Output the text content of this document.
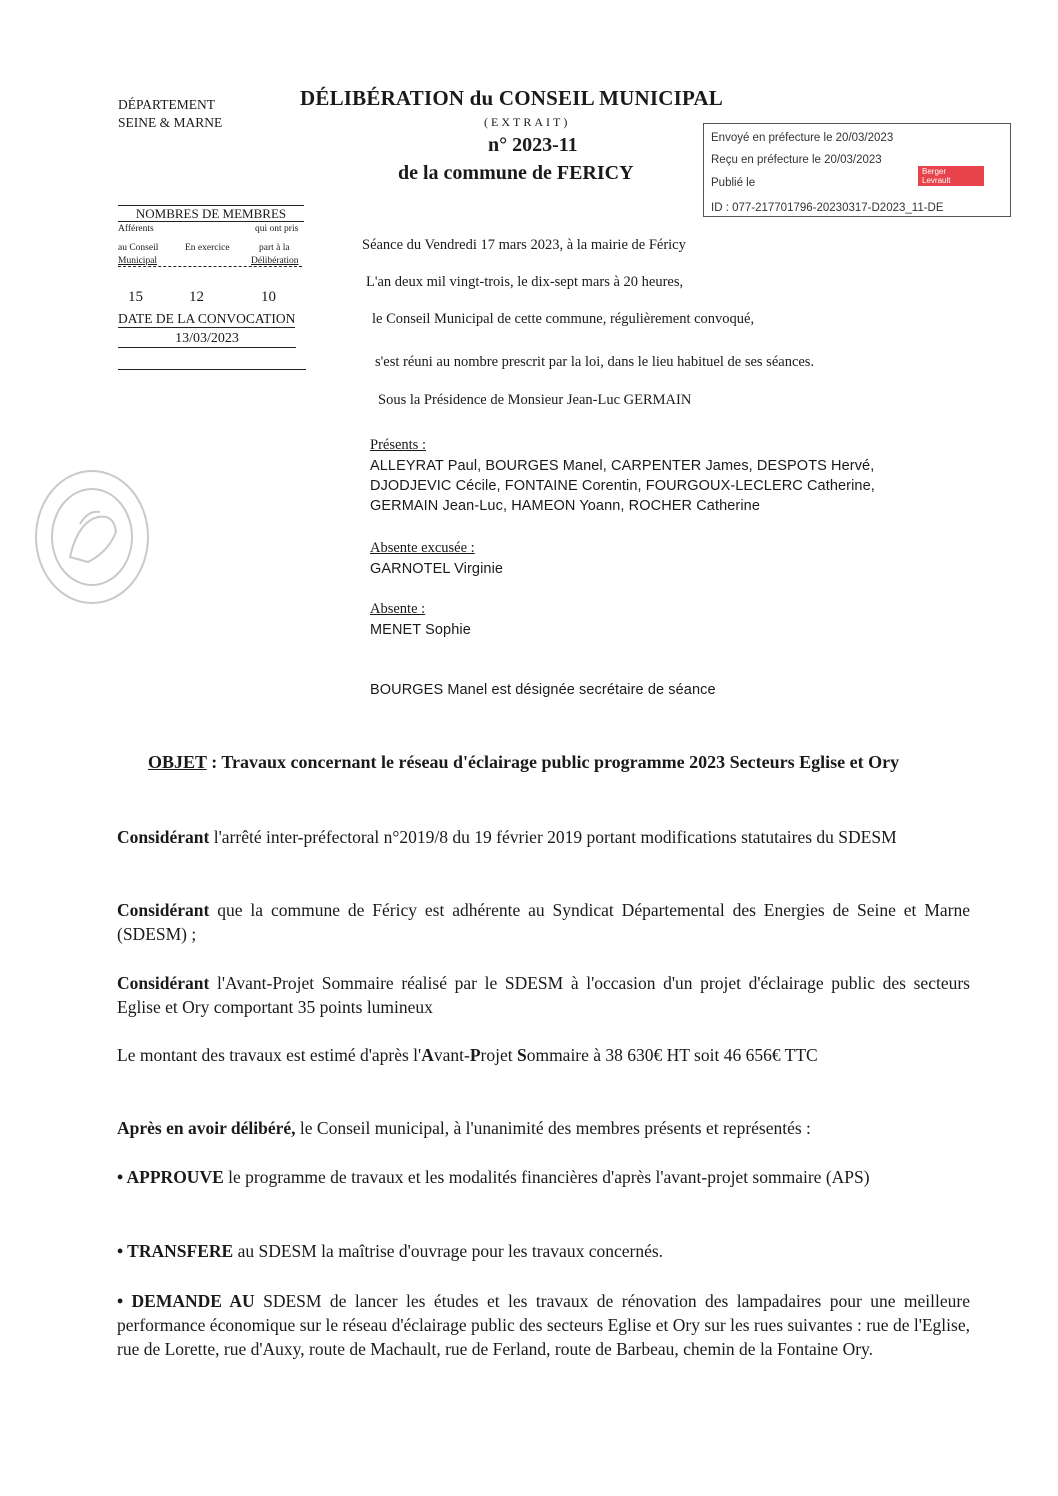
DÉPARTEMENT
SEINE & MARNE
DÉLIBÉRATION du CONSEIL MUNICIPAL
(EXTRAIT)
n° 2023-11
de la commune de FERICY
Envoyé en préfecture le 20/03/2023
Reçu en préfecture le 20/03/2023
Publié le
ID : 077-217701796-20230317-D2023_11-DE
Berger
Levrault
NOMBRES DE MEMBRES
Afférents
au Conseil
Municipal
En exercice
qui ont pris
part à la
Délibération
15	12	10
DATE DE LA CONVOCATION
13/03/2023
Séance du Vendredi 17 mars 2023, à la mairie de Féricy
L'an deux mil vingt-trois, le dix-sept mars à 20 heures,
le Conseil Municipal de cette commune, régulièrement convoqué,
s'est réuni au nombre prescrit par la loi, dans le lieu habituel de ses séances.
Sous la Présidence de Monsieur Jean-Luc GERMAIN
Présents :
ALLEYRAT Paul, BOURGES Manel, CARPENTER James, DESPOTS Hervé,
DJODJEVIC Cécile, FONTAINE Corentin, FOURGOUX-LECLERC Catherine,
GERMAIN Jean-Luc, HAMEON Yoann, ROCHER Catherine
Absente excusée :
GARNOTEL Virginie
Absente :
MENET Sophie
BOURGES Manel est désignée secrétaire de séance
OBJET : Travaux concernant le réseau d'éclairage public programme 2023 Secteurs Eglise et Ory
Considérant l'arrêté inter-préfectoral n°2019/8 du 19 février 2019 portant modifications statutaires du SDESM
Considérant que la commune de Féricy est adhérente au Syndicat Départemental des Energies de Seine et Marne (SDESM) ;
Considérant l'Avant-Projet Sommaire réalisé par le SDESM à l'occasion d'un projet d'éclairage public des secteurs Eglise et Ory comportant 35 points lumineux
Le montant des travaux est estimé d'après l'Avant-Projet Sommaire à 38 630€ HT soit 46 656€ TTC
Après en avoir délibéré, le Conseil municipal, à l'unanimité des membres présents et représentés :
• APPROUVE le programme de travaux et les modalités financières d'après l'avant-projet sommaire (APS)
• TRANSFERE au SDESM la maîtrise d'ouvrage pour les travaux concernés.
• DEMANDE AU SDESM de lancer les études et les travaux de rénovation des lampadaires pour une meilleure performance économique sur le réseau d'éclairage public des secteurs Eglise et Ory sur les rues suivantes : rue de l'Eglise, rue de Lorette, rue d'Auxy, route de Machault, rue de Ferland, route de Barbeau, chemin de la Fontaine Ory.
